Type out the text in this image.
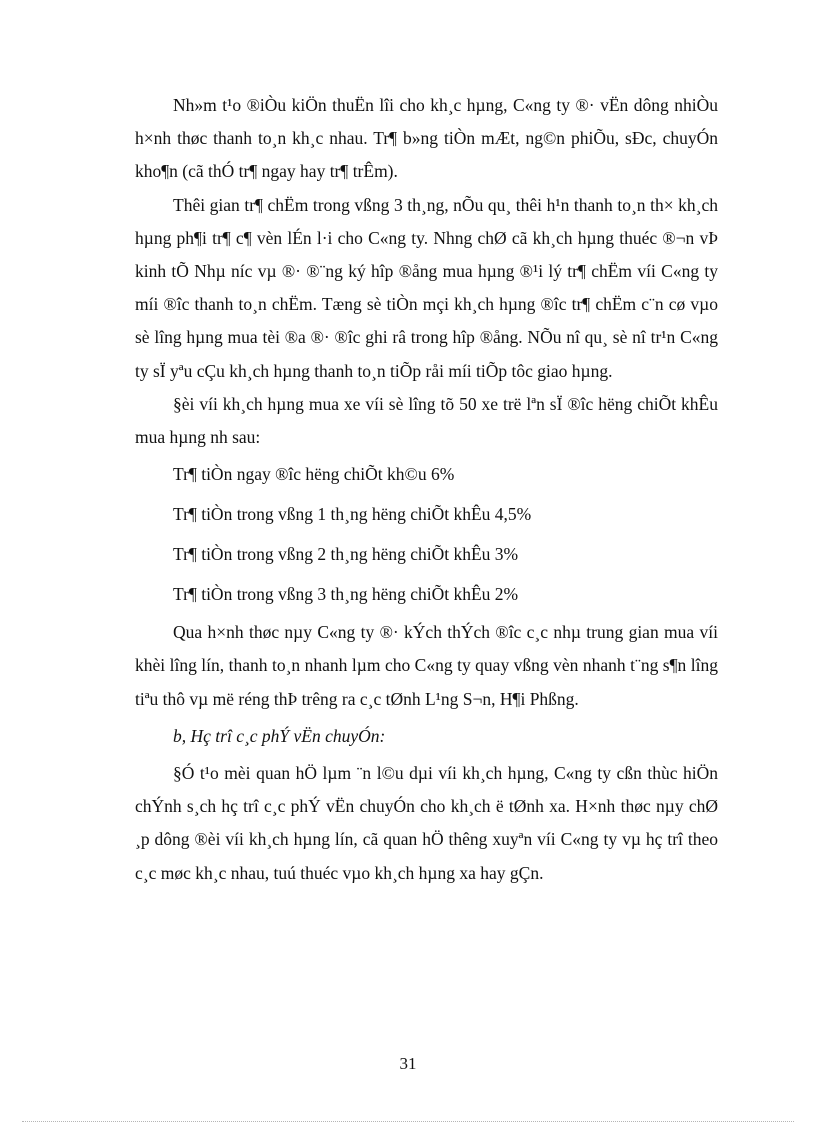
Nh»m t¹o ®iÒu kiÖn thuËn lîi cho kh¸c hµng, C«ng ty ®· vËn dông nhiÒu h×nh thøc thanh to¸n kh¸c nhau. Tr¶ b»ng tiÒn mÆt, ng©n phiÕu, sÐc, chuyÓn kho¶n (cã thÓ tr¶ ngay hay tr¶ trÊm).

Thêi gian tr¶ chËm trong vßng 3 th¸ng, nÕu qu¸ thêi h¹n thanh to¸n th× kh¸ch hµng ph¶i tr¶ c¶ vèn lÉn l·i cho C«ng ty. Nhng chØ cã kh¸ch hµng thuéc ®¬n vÞ kinh tÕ Nhµ níc vµ ®· ®¨ng ký hîp ®ång mua hµng ®¹i lý tr¶ chËm víi C«ng ty míi ®îc thanh to¸n chËm. Tæng sè tiÒn mçi kh¸ch hµng ®îc tr¶ chËm c¨n cø vµo sè lîng hµng mua tèi ®a ®· ®îc ghi râ trong hîp ®ång. NÕu nî qu¸ sè nî tr¹n C«ng ty sÏ yªu cÇu kh¸ch hµng thanh to¸n tiÕp råi míi tiÕp tôc giao hµng.

§èi víi kh¸ch hµng mua xe víi sè lîng tõ 50 xe trë lªn sÏ ®îc hëng chiÕt khÊu mua hµng nh sau:

Tr¶ tiÒn ngay ®îc hëng chiÕt kh©u 6%

Tr¶ tiÒn trong vßng 1 th¸ng hëng chiÕt khÊu 4,5%

Tr¶ tiÒn trong vßng 2 th¸ng hëng chiÕt khÊu 3%

Tr¶ tiÒn trong vßng 3 th¸ng hëng chiÕt khÊu 2%

Qua h×nh thøc nµy C«ng ty ®· kÝch thÝch ®îc c¸c nhµ trung gian mua víi khèi lîng lín, thanh to¸n nhanh lµm cho C«ng ty quay vßng vèn nhanh t¨ng s¶n lîng tiªu thô vµ më réng thÞ trêng ra c¸c tØnh L¹ng S¬n, H¶i Phßng.

b, Hç trî c¸c phÝ vËn chuyÓn:

§Ó t¹o mèi quan hÖ lµm ¨n l©u dµi víi kh¸ch hµng, C«ng ty cßn thùc hiÖn chÝnh s¸ch hç trî c¸c phÝ vËn chuyÓn cho kh¸ch ë tØnh xa. H×nh thøc nµy chØ ¸p dông ®èi víi kh¸ch hµng lín, cã quan hÖ thêng xuyªn víi C«ng ty vµ hç trî theo c¸c møc kh¸c nhau, tuú thuéc vµo kh¸ch hµng xa hay gÇn.

31
